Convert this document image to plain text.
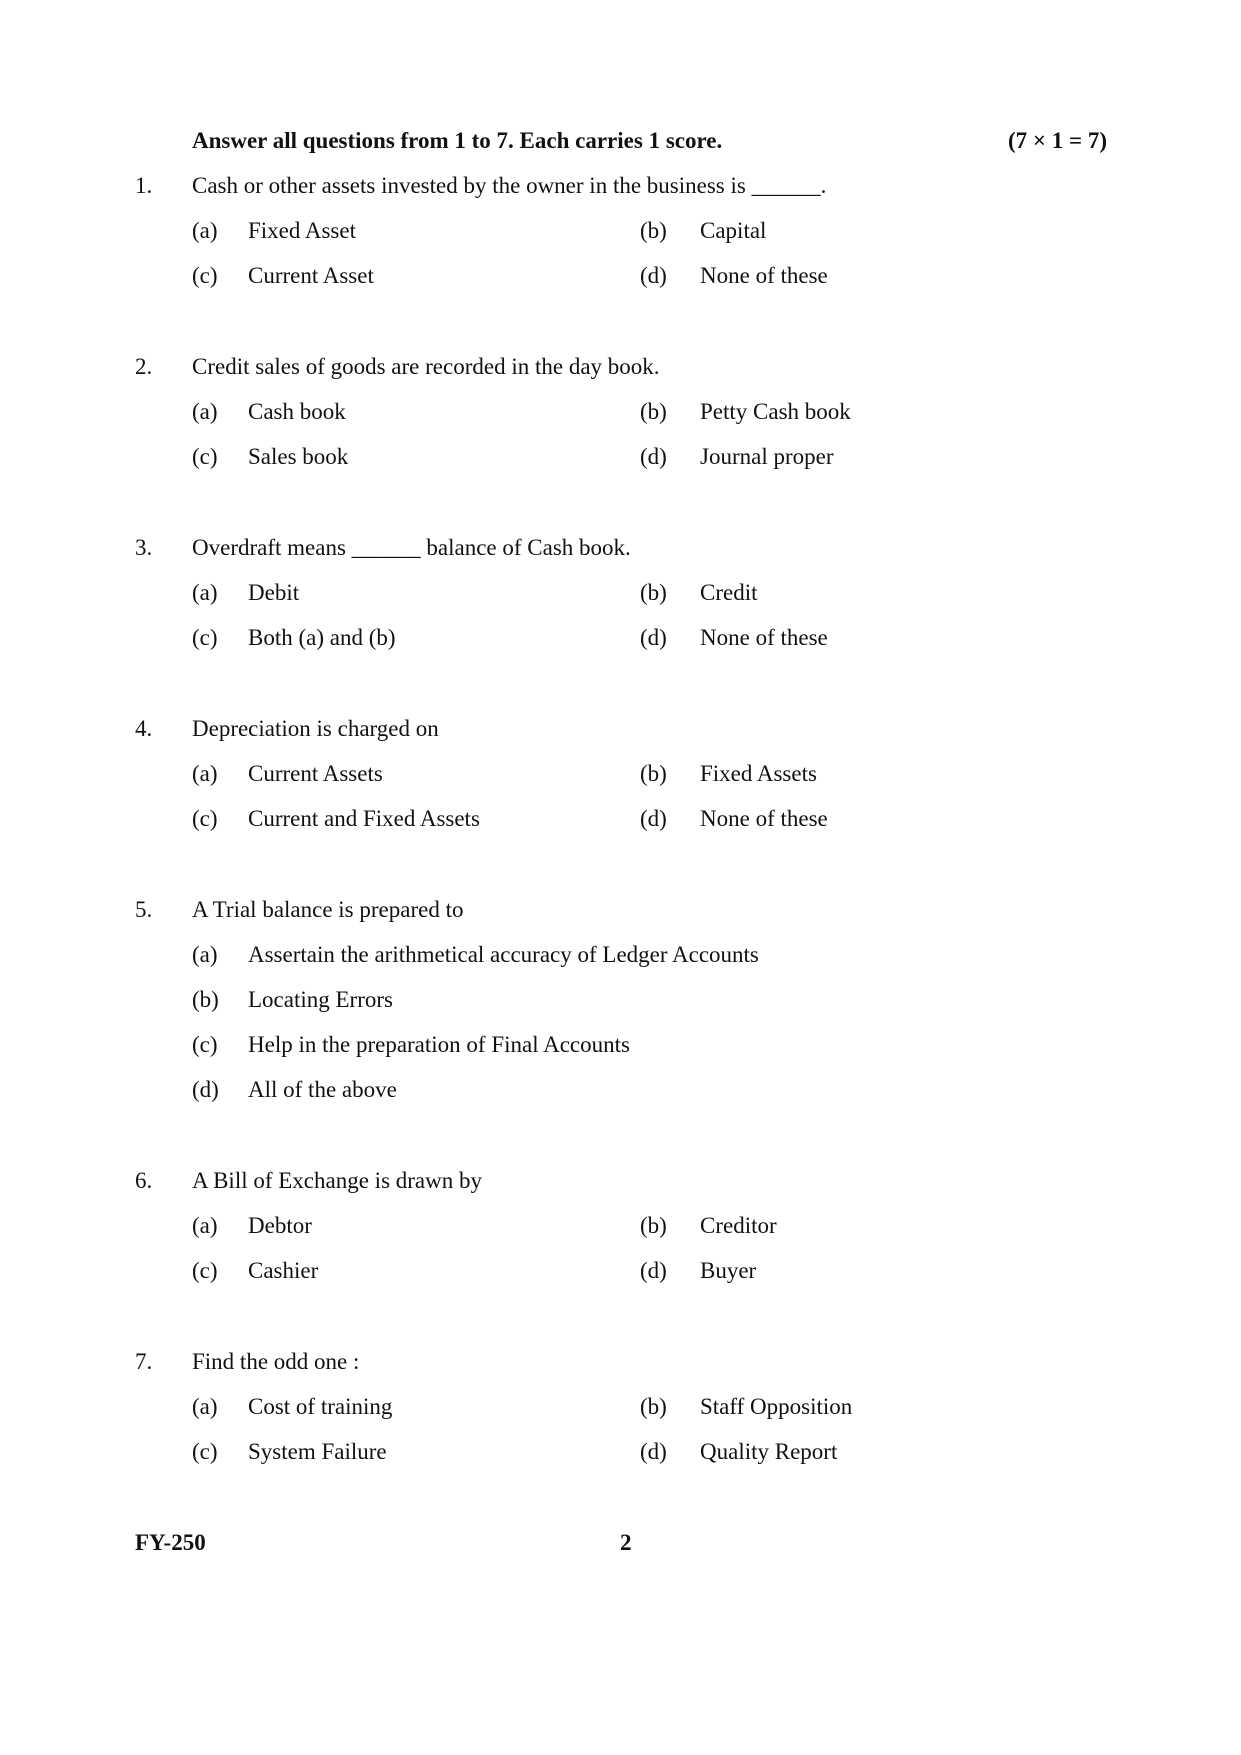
Answer all questions from 1 to 7. Each carries 1 score.	(7 × 1 = 7)
1. Cash or other assets invested by the owner in the business is ______.
(a) Fixed Asset	(b) Capital
(c) Current Asset	(d) None of these
2. Credit sales of goods are recorded in the day book.
(a) Cash book	(b) Petty Cash book
(c) Sales book	(d) Journal proper
3. Overdraft means ______ balance of Cash book.
(a) Debit	(b) Credit
(c) Both (a) and (b)	(d) None of these
4. Depreciation is charged on
(a) Current Assets	(b) Fixed Assets
(c) Current and Fixed Assets	(d) None of these
5. A Trial balance is prepared to
(a) Assertain the arithmetical accuracy of Ledger Accounts
(b) Locating Errors
(c) Help in the preparation of Final Accounts
(d) All of the above
6. A Bill of Exchange is drawn by
(a) Debtor	(b) Creditor
(c) Cashier	(d) Buyer
7. Find the odd one :
(a) Cost of training	(b) Staff Opposition
(c) System Failure	(d) Quality Report
FY-250	2
